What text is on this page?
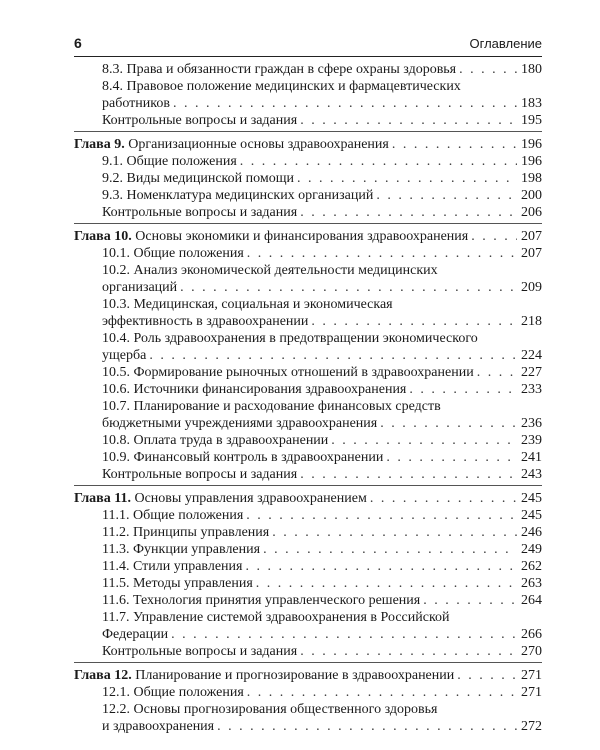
6	Оглавление
8.3. Права и обязанности граждан в сфере охраны здоровья . . .	180
8.4. Правовое положение медицинских и фармацевтических
работников . . .	183
Контрольные вопросы и задания . . .	195
Глава 9. Организационные основы здравоохранения . . .	196
9.1. Общие положения . . .	196
9.2. Виды медицинской помощи . . .	198
9.3. Номенклатура медицинских организаций . . .	200
Контрольные вопросы и задания . . .	206
Глава 10. Основы экономики и финансирования здравоохранения . . .	207
10.1. Общие положения . . .	207
10.2. Анализ экономической деятельности медицинских
организаций . . .	209
10.3. Медицинская, социальная и экономическая
эффективность в здравоохранении . . .	218
10.4. Роль здравоохранения в предотвращении экономического
ущерба . . .	224
10.5. Формирование рыночных отношений в здравоохранении . . .	227
10.6. Источники финансирования здравоохранения . . .	233
10.7. Планирование и расходование финансовых средств
бюджетными учреждениями здравоохранения . . .	236
10.8. Оплата труда в здравоохранении . . .	239
10.9. Финансовый контроль в здравоохранении . . .	241
Контрольные вопросы и задания . . .	243
Глава 11. Основы управления здравоохранением . . .	245
11.1. Общие положения . . .	245
11.2. Принципы управления . . .	246
11.3. Функции управления . . .	249
11.4. Стили управления . . .	262
11.5. Методы управления . . .	263
11.6. Технология принятия управленческого решения . . .	264
11.7. Управление системой здравоохранения в Российской
Федерации . . .	266
Контрольные вопросы и задания . . .	270
Глава 12. Планирование и прогнозирование в здравоохранении . . .	271
12.1. Общие положения . . .	271
12.2. Основы прогнозирования общественного здоровья
и здравоохранения . . .	272
